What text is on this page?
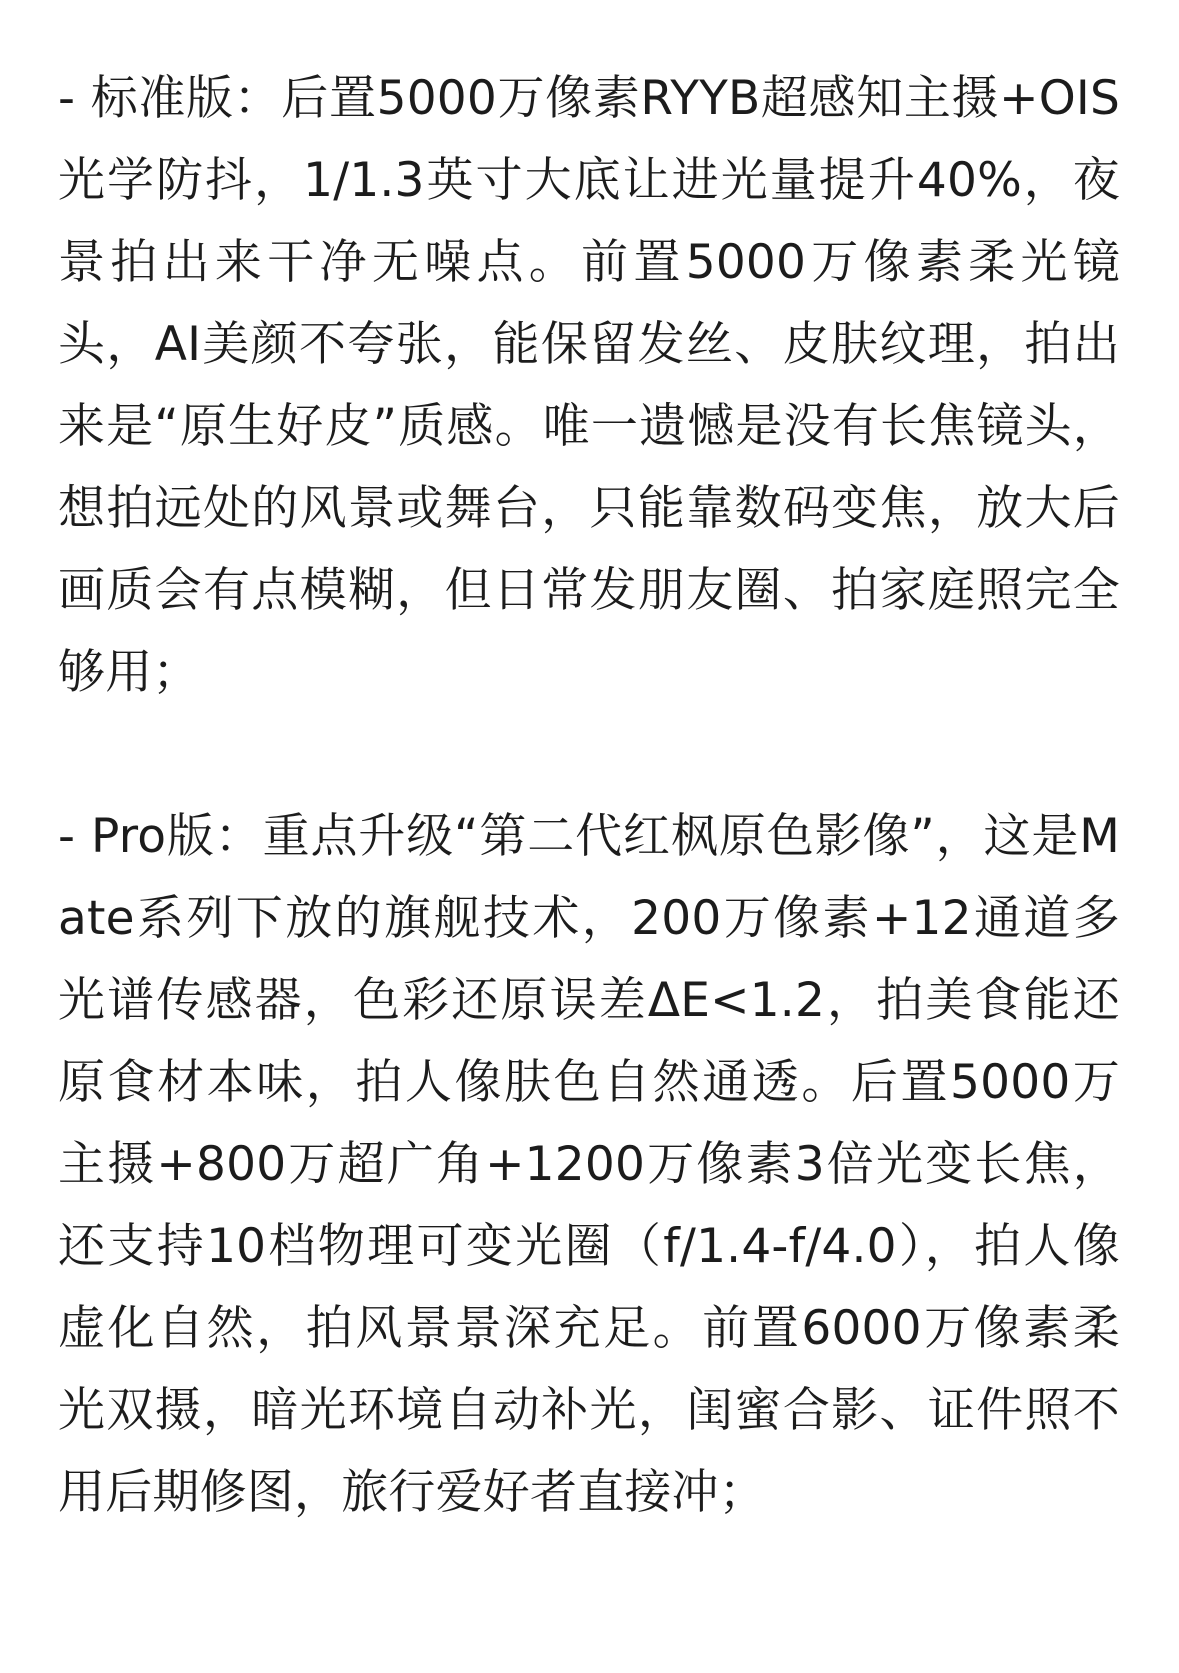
- 标准版：后置5000万像素RYYB超感知主摄+OIS光学防抖，1/1.3英寸大底让进光量提升40%，夜景拍出来干净无噪点。前置5000万像素柔光镜头，AI美颜不夸张，能保留发丝、皮肤纹理，拍出来是“原生好皮”质感。唯一遗憾是没有长焦镜头，想拍远处的风景或舞台，只能靠数码变焦，放大后画质会有点模糊，但日常发朋友圈、拍家庭照完全够用；

- Pro版：重点升级“第二代红枫原色影像”，这是Mate系列下放的旗舰技术，200万像素+12通道多光谱传感器，色彩还原误差ΔE<1.2，拍美食能还原食材本味，拍人像肤色自然通透。后置5000万主摄+800万超广角+1200万像素3倍光变长焦，还支持10档物理可变光圈（f/1.4-f/4.0），拍人像虚化自然，拍风景景深充足。前置6000万像素柔光双摄，暗光环境自动补光，闺蜜合影、证件照不用后期修图，旅行爱好者直接冲；
